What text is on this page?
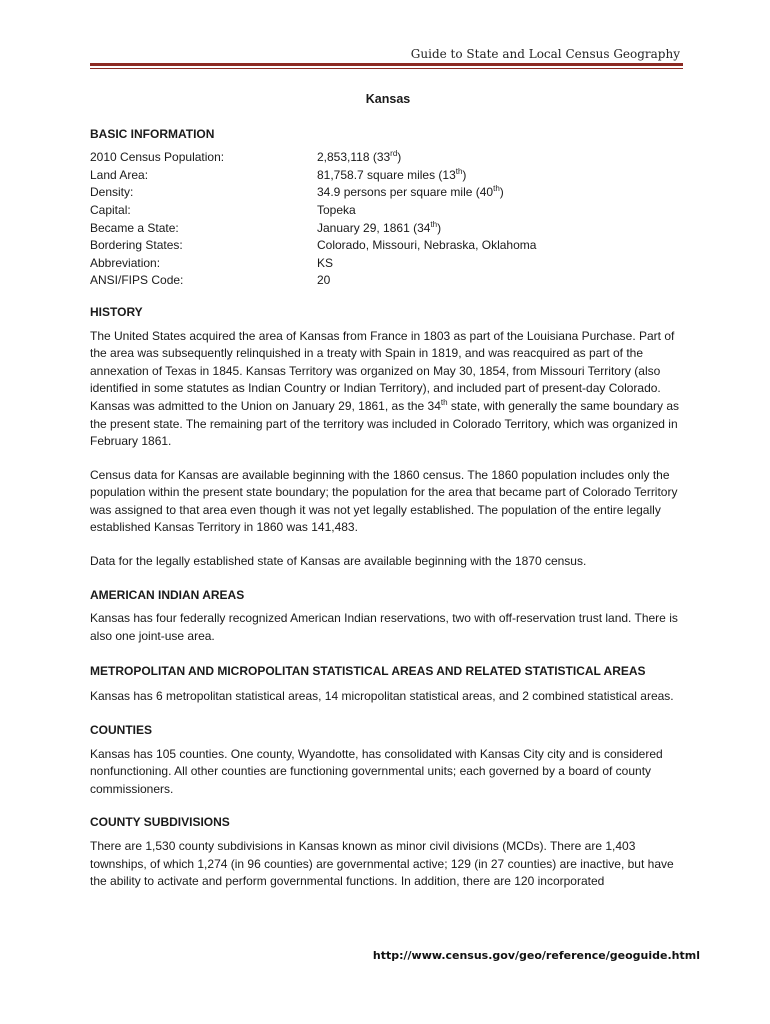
Guide to State and Local Census Geography
Kansas
BASIC INFORMATION
2010 Census Population:	2,853,118 (33rd)
Land Area:	81,758.7 square miles (13th)
Density:	34.9 persons per square mile (40th)
Capital:	Topeka
Became a State:	January 29, 1861 (34th)
Bordering States:	Colorado, Missouri, Nebraska, Oklahoma
Abbreviation:	KS
ANSI/FIPS Code:	20
HISTORY

The United States acquired the area of Kansas from France in 1803 as part of the Louisiana Purchase. Part of the area was subsequently relinquished in a treaty with Spain in 1819, and was reacquired as part of the annexation of Texas in 1845. Kansas Territory was organized on May 30, 1854, from Missouri Territory (also identified in some statutes as Indian Country or Indian Territory), and included part of present-day Colorado. Kansas was admitted to the Union on January 29, 1861, as the 34th state, with generally the same boundary as the present state. The remaining part of the territory was included in Colorado Territory, which was organized in February 1861.

Census data for Kansas are available beginning with the 1860 census. The 1860 population includes only the population within the present state boundary; the population for the area that became part of Colorado Territory was assigned to that area even though it was not yet legally established. The population of the entire legally established Kansas Territory in 1860 was 141,483.

Data for the legally established state of Kansas are available beginning with the 1870 census.

AMERICAN INDIAN AREAS

Kansas has four federally recognized American Indian reservations, two with off-reservation trust land. There is also one joint-use area.

METROPOLITAN AND MICROPOLITAN STATISTICAL AREAS AND RELATED STATISTICAL AREAS

Kansas has 6 metropolitan statistical areas, 14 micropolitan statistical areas, and 2 combined statistical areas.

COUNTIES

Kansas has 105 counties. One county, Wyandotte, has consolidated with Kansas City city and is considered nonfunctioning. All other counties are functioning governmental units; each governed by a board of county commissioners.

COUNTY SUBDIVISIONS

There are 1,530 county subdivisions in Kansas known as minor civil divisions (MCDs). There are 1,403 townships, of which 1,274 (in 96 counties) are governmental active; 129 (in 27 counties) are inactive, but have the ability to activate and perform governmental functions. In addition, there are 120 incorporated

http://www.census.gov/geo/reference/geoguide.html
